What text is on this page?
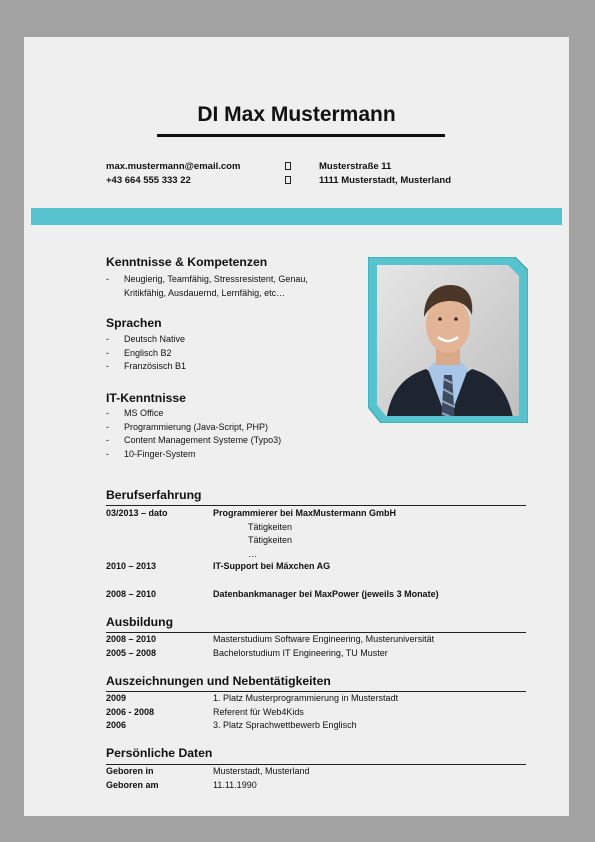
DI Max Mustermann
max.mustermann@email.com
+43 664 555 333 22
Musterstraße 11
1111 Musterstadt, Musterland
Kenntnisse & Kompetenzen
- Neugierig, Teamfähig, Stressresistent, Genau,
Kritikfähig, Ausdauernd, Lernfähig, etc…
Sprachen
- Deutsch Native
- Englisch B2
- Französisch B1
IT-Kenntnisse
- MS Office
- Programmierung (Java-Script, PHP)
- Content Management Systeme (Typo3)
- 10-Finger-System
Berufserfahrung
03/2013 – dato	Programmierer bei MaxMustermann GmbH
Tätigkeiten
Tätigkeiten
…
2010 – 2013	IT-Support bei Mäxchen AG
2008 – 2010	Datenbankmanager bei MaxPower (jeweils 3 Monate)
Ausbildung
2008 – 2010	Masterstudium Software Engineering, Musteruniversität
2005 – 2008	Bachelorstudium IT Engineering, TU Muster
Auszeichnungen und Nebentätigkeiten
2009	1. Platz Musterprogrammierung in Musterstadt
2006 - 2008	Referent für Web4Kids
2006	3. Platz Sprachwettbewerb Englisch
Persönliche Daten
Geboren in	Musterstadt, Musterland
Geboren am	11.11.1990
